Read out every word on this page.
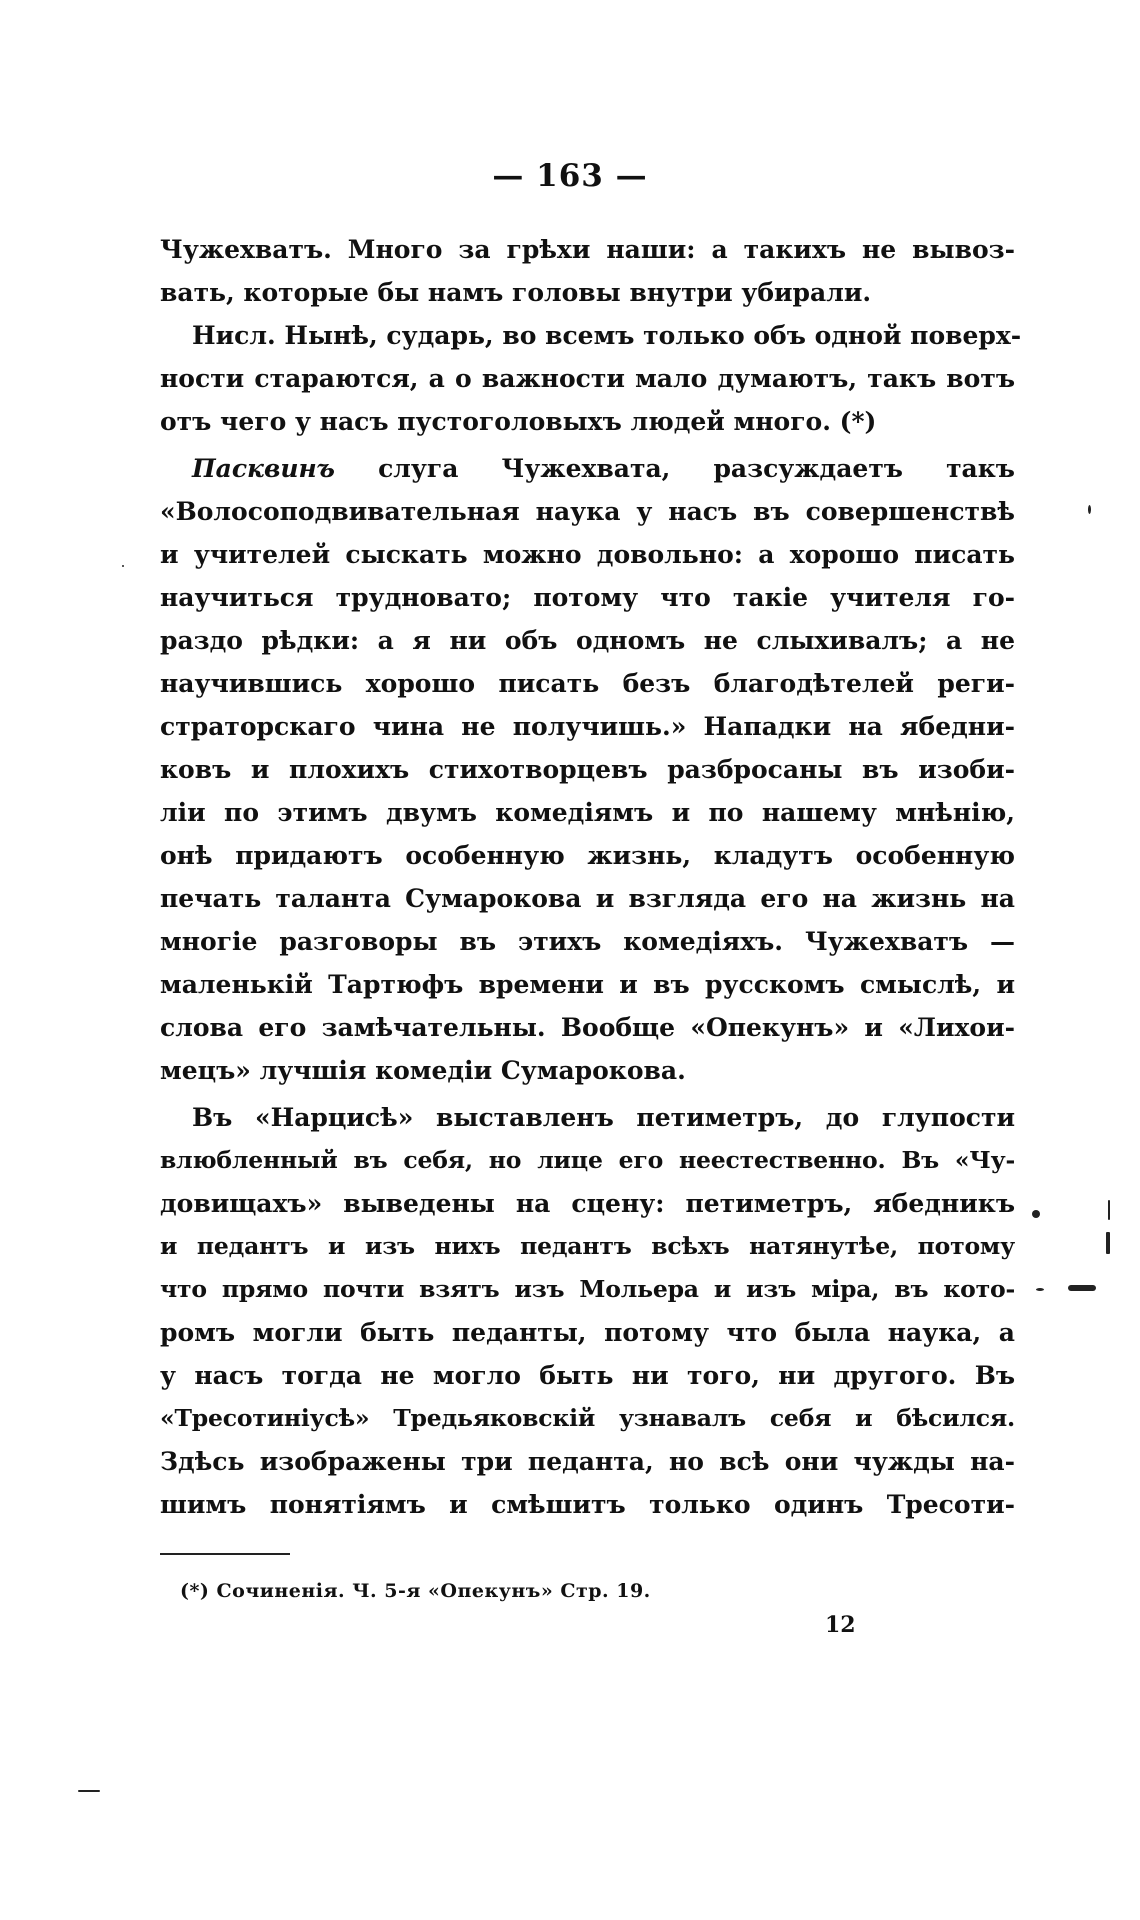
— 163 —
Чужехватъ. Много за грѣхи наши: а такихъ не вывоз-
вать, которые бы намъ головы внутри убирали.
Нисл. Нынѣ, сударь, во всемъ только объ одной поверх-
ности стараются, а о важности мало думаютъ, такъ вотъ
отъ чего у насъ пустоголовыхъ людей много. (*)
Пасквинъ слуга Чужехвата, разсуждаетъ такъ
«Волосоподвивательная наука у насъ въ совершенствѣ
и учителей сыскать можно довольно: а хорошо писать
научиться трудновато; потому что такіе учителя го-
раздо рѣдки: а я ни объ одномъ не слыхивалъ; а не
научившись хорошо писать безъ благодѣтелей реги-
страторскаго чина не получишь.» Нападки на ябедни-
ковъ и плохихъ стихотворцевъ разбросаны въ изоби-
ліи по этимъ двумъ комедіямъ и по нашему мнѣнію,
онѣ придаютъ особенную жизнь, кладутъ особенную
печать таланта Сумарокова и взгляда его на жизнь на
многіе разговоры въ этихъ комедіяхъ. Чужехватъ —
маленькій Тартюфъ времени и въ русскомъ смыслѣ, и
слова его замѣчательны. Вообще «Опекунъ» и «Лихои-
мецъ» лучшія комедіи Сумарокова.
Въ «Нарцисѣ» выставленъ петиметръ, до глупости
влюбленный въ себя, но лице его неестественно. Въ «Чу-
довищахъ» выведены на сцену: петиметръ, ябедникъ
и педантъ и изъ нихъ педантъ всѣхъ натянутѣе, потому
что прямо почти взятъ изъ Мольера и изъ міра, въ кото-
ромъ могли быть педанты, потому что была наука, а
у насъ тогда не могло быть ни того, ни другого. Въ
«Тресотиніусѣ» Тредьяковскій узнавалъ себя и бѣсился.
Здѣсь изображены три педанта, но всѣ они чужды на-
шимъ понятіямъ и смѣшитъ только одинъ Тресоти-
(*) Сочиненія. Ч. 5-я «Опекунъ» Стр. 19.
12
